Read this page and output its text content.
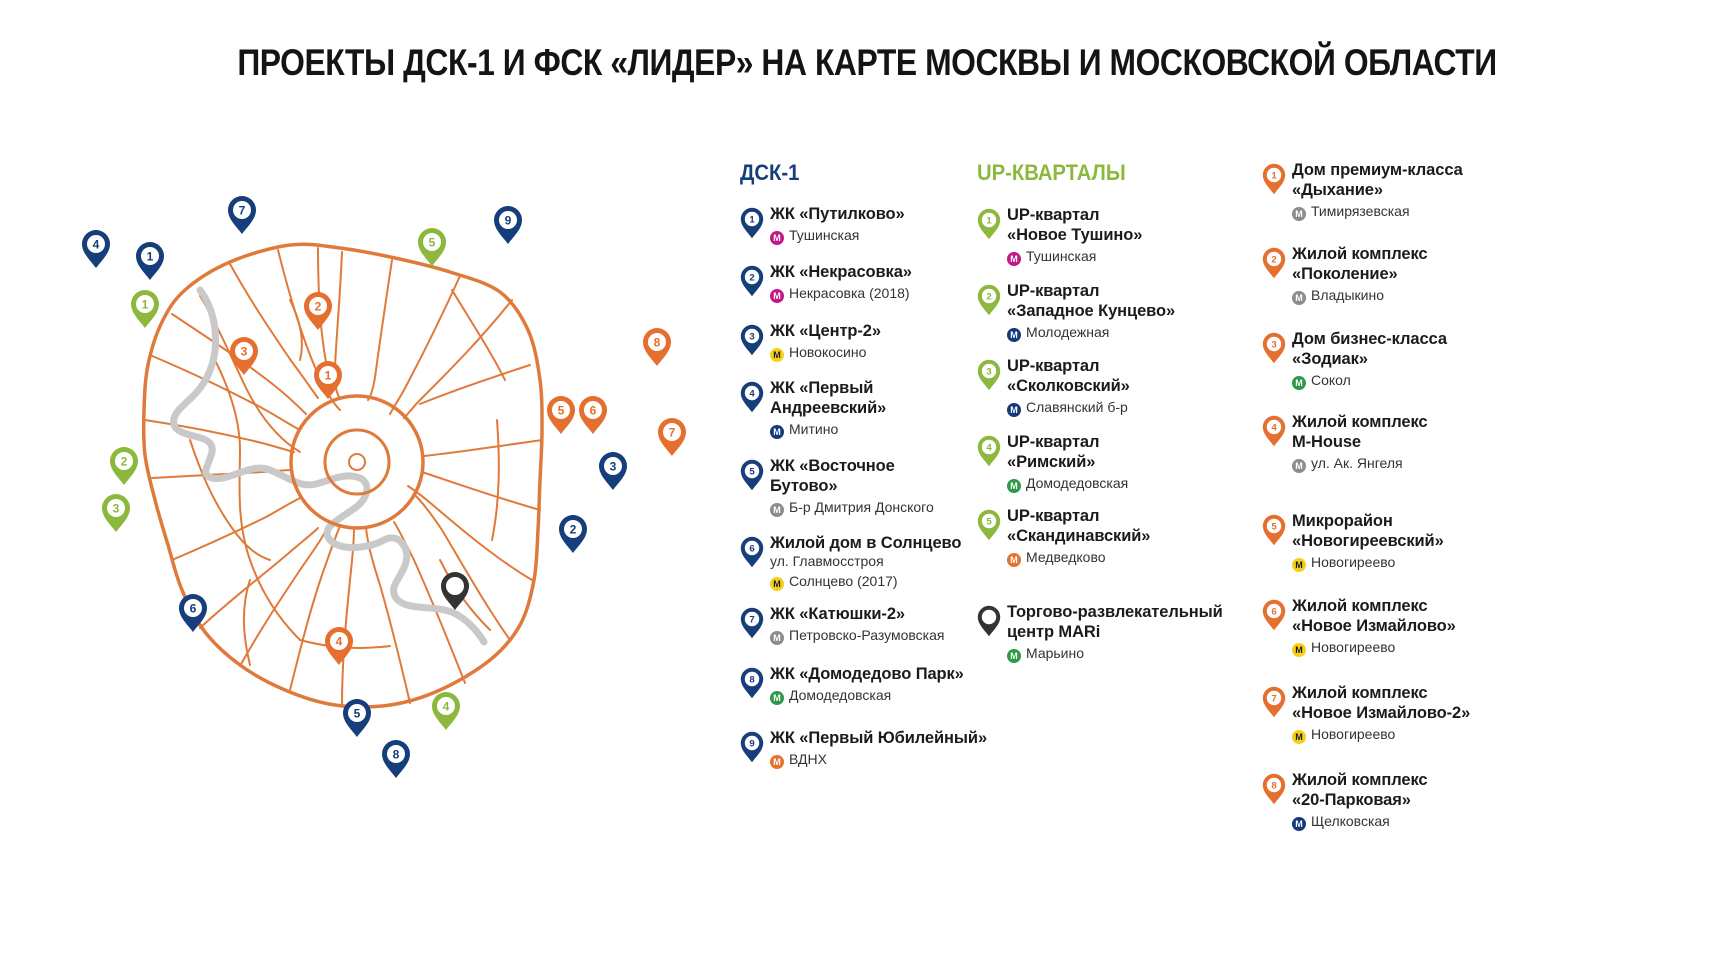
ПРОЕКТЫ ДСК-1 И ФСК «ЛИДЕР» НА КАРТЕ МОСКВЫ И МОСКОВСКОЙ ОБЛАСТИ
1
2
3
4
5
6
7
8
9
1
2
3
4
5
1
2
3
4
5 6
7
8
ДСК-1
1 ЖК «Путилково»
М Тушинская
2 ЖК «Некрасовка»
М Некрасовка (2018)
3 ЖК «Центр-2»
М Новокосино
4 ЖК «Первый
Андреевский»
М Митино
5 ЖК «Восточное
Бутово»
М Б-р Дмитрия Донского
6 Жилой дом в Солнцево
ул. Главмосстроя
М Солнцево (2017)
7 ЖК «Катюшки-2»
М Петровско-Разумовская
8 ЖК «Домодедово Парк»
М Домодедовская
9 ЖК «Первый Юбилейный»
М ВДНХ
UP-КВАРТАЛЫ
1 UP-квартал
«Новое Тушино»
М Тушинская
2 UP-квартал
«Западное Кунцево»
М Молодежная
3 UP-квартал
«Сколковский»
М Славянский б-р
4 UP-квартал
«Римский»
М Домодедовская
5 UP-квартал
«Скандинавский»
М Медведково
Торгово-развлекательный
центр MARi
М Марьино
1 Дом премиум-класса
«Дыхание»
М Тимирязевская
2 Жилой комплекс
«Поколение»
М Владыкино
3 Дом бизнес-класса
«Зодиак»
М Сокол
4 Жилой комплекс
М-House
М ул. Ак. Янгеля
5 Микрорайон
«Новогиреевский»
М Новогиреево
6 Жилой комплекс
«Новое Измайлово»
М Новогиреево
7 Жилой комплекс
«Новое Измайлово-2»
М Новогиреево
8 Жилой комплекс
«20-Парковая»
М Щелковская
